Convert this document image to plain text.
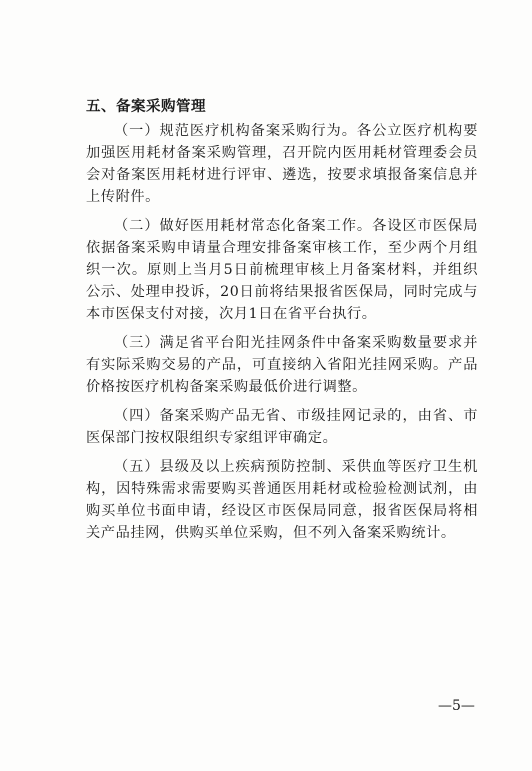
五、备案采购管理

（一）规范医疗机构备案采购行为。各公立医疗机构要加强医用耗材备案采购管理，召开院内医用耗材管理委会员会对备案医用耗材进行评审、遴选，按要求填报备案信息并上传附件。

（二）做好医用耗材常态化备案工作。各设区市医保局依据备案采购申请量合理安排备案审核工作，至少两个月组织一次。原则上当月5日前梳理审核上月备案材料，并组织公示、处理申投诉，20日前将结果报省医保局，同时完成与本市医保支付对接，次月1日在省平台执行。

（三）满足省平台阳光挂网条件中备案采购数量要求并有实际采购交易的产品，可直接纳入省阳光挂网采购。产品价格按医疗机构备案采购最低价进行调整。

（四）备案采购产品无省、市级挂网记录的，由省、市医保部门按权限组织专家组评审确定。

（五）县级及以上疾病预防控制、采供血等医疗卫生机构，因特殊需求需要购买普通医用耗材或检验检测试剂，由购买单位书面申请，经设区市医保局同意，报省医保局将相关产品挂网，供购买单位采购，但不列入备案采购统计。

—5—
